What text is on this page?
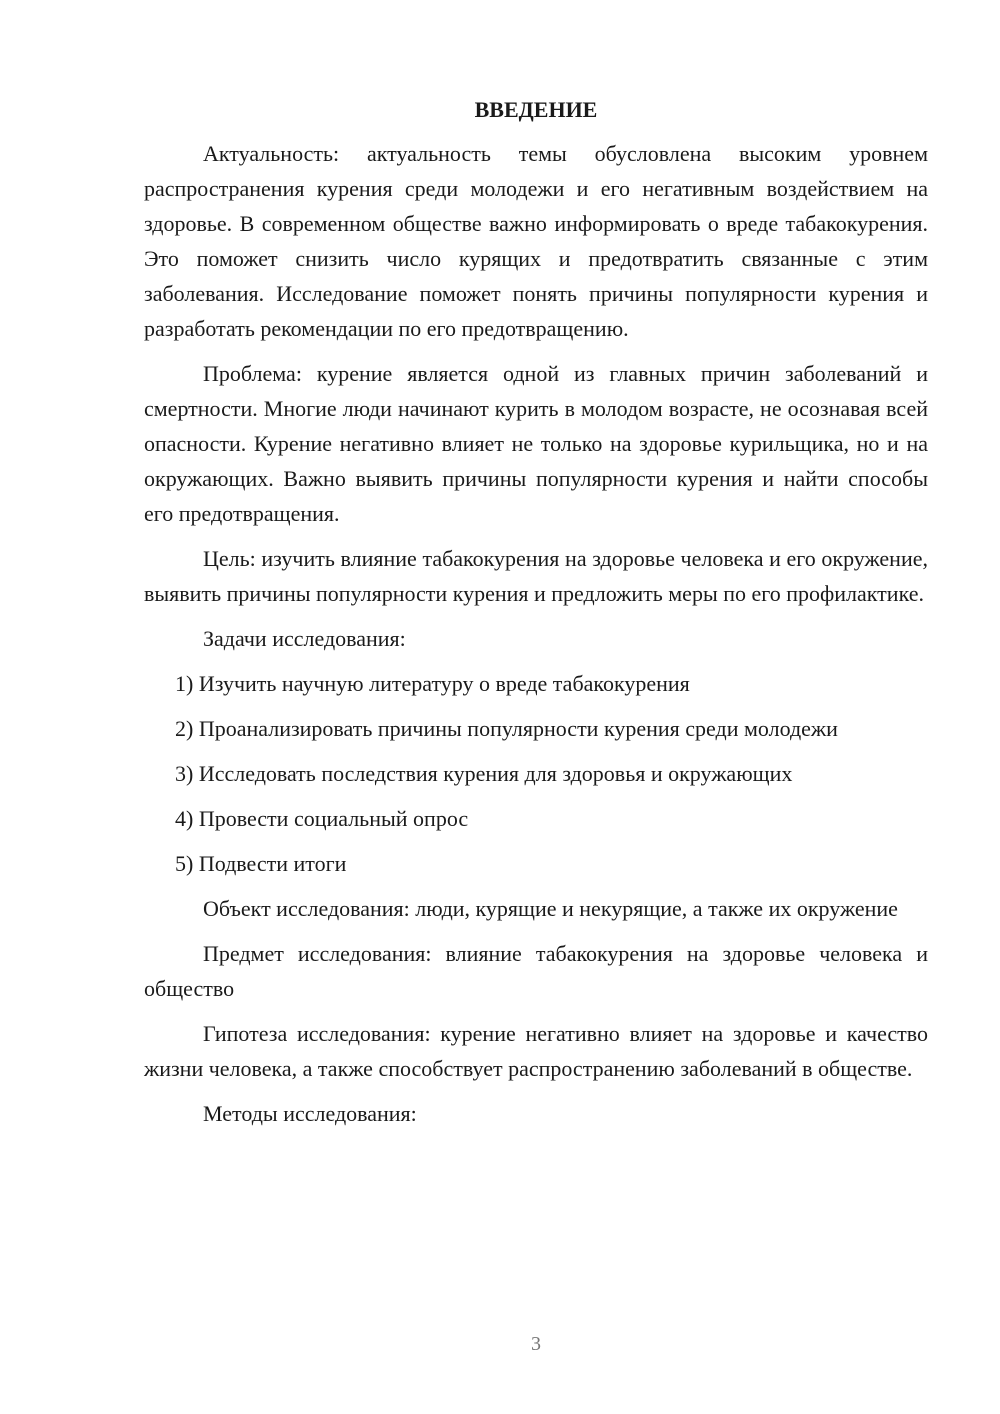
ВВЕДЕНИЕ

Актуальность: актуальность темы обусловлена высоким уровнем распространения курения среди молодежи и его негативным воздействием на здоровье. В современном обществе важно информировать о вреде табакокурения. Это поможет снизить число курящих и предотвратить связанные с этим заболевания. Исследование поможет понять причины популярности курения и разработать рекомендации по его предотвращению.

Проблема: курение является одной из главных причин заболеваний и смертности. Многие люди начинают курить в молодом возрасте, не осознавая всей опасности. Курение негативно влияет не только на здоровье курильщика, но и на окружающих. Важно выявить причины популярности курения и найти способы его предотвращения.

Цель: изучить влияние табакокурения на здоровье человека и его окружение, выявить причины популярности курения и предложить меры по его профилактике.

Задачи исследования:

1) Изучить научную литературу о вреде табакокурения

2) Проанализировать причины популярности курения среди молодежи

3) Исследовать последствия курения для здоровья и окружающих

4) Провести социальный опрос

5) Подвести итоги

Объект исследования: люди, курящие и некурящие, а также их окружение

Предмет исследования: влияние табакокурения на здоровье человека и общество

Гипотеза исследования: курение негативно влияет на здоровье и качество жизни человека, а также способствует распространению заболеваний в обществе.

Методы исследования:

3
